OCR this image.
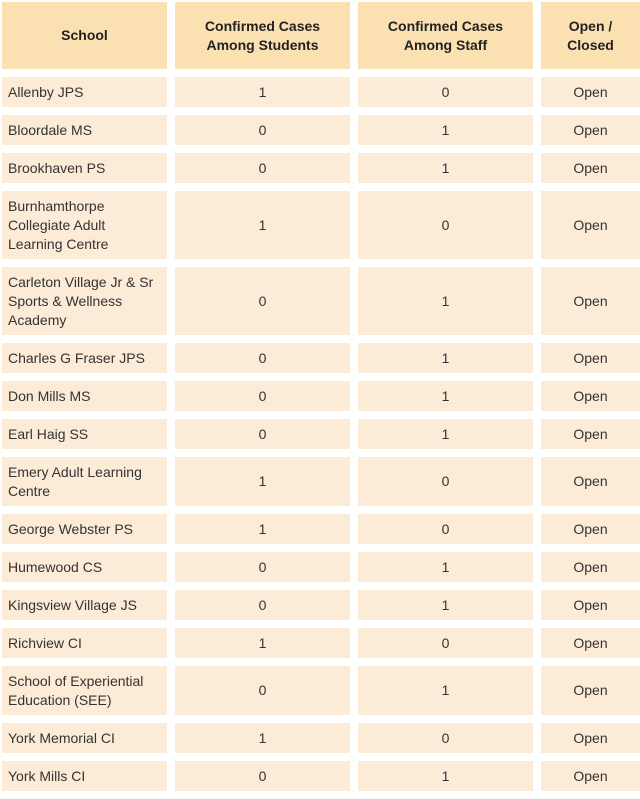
School	Confirmed Cases Among Students	Confirmed Cases Among Staff	Open / Closed
Allenby JPS	1	0	Open
Bloordale MS	0	1	Open
Brookhaven PS	0	1	Open
Burnhamthorpe Collegiate Adult Learning Centre	1	0	Open
Carleton Village Jr & Sr Sports & Wellness Academy	0	1	Open
Charles G Fraser JPS	0	1	Open
Don Mills MS	0	1	Open
Earl Haig SS	0	1	Open
Emery Adult Learning Centre	1	0	Open
George Webster PS	1	0	Open
Humewood CS	0	1	Open
Kingsview Village JS	0	1	Open
Richview CI	1	0	Open
School of Experiential Education (SEE)	0	1	Open
York Memorial CI	1	0	Open
York Mills CI	0	1	Open
